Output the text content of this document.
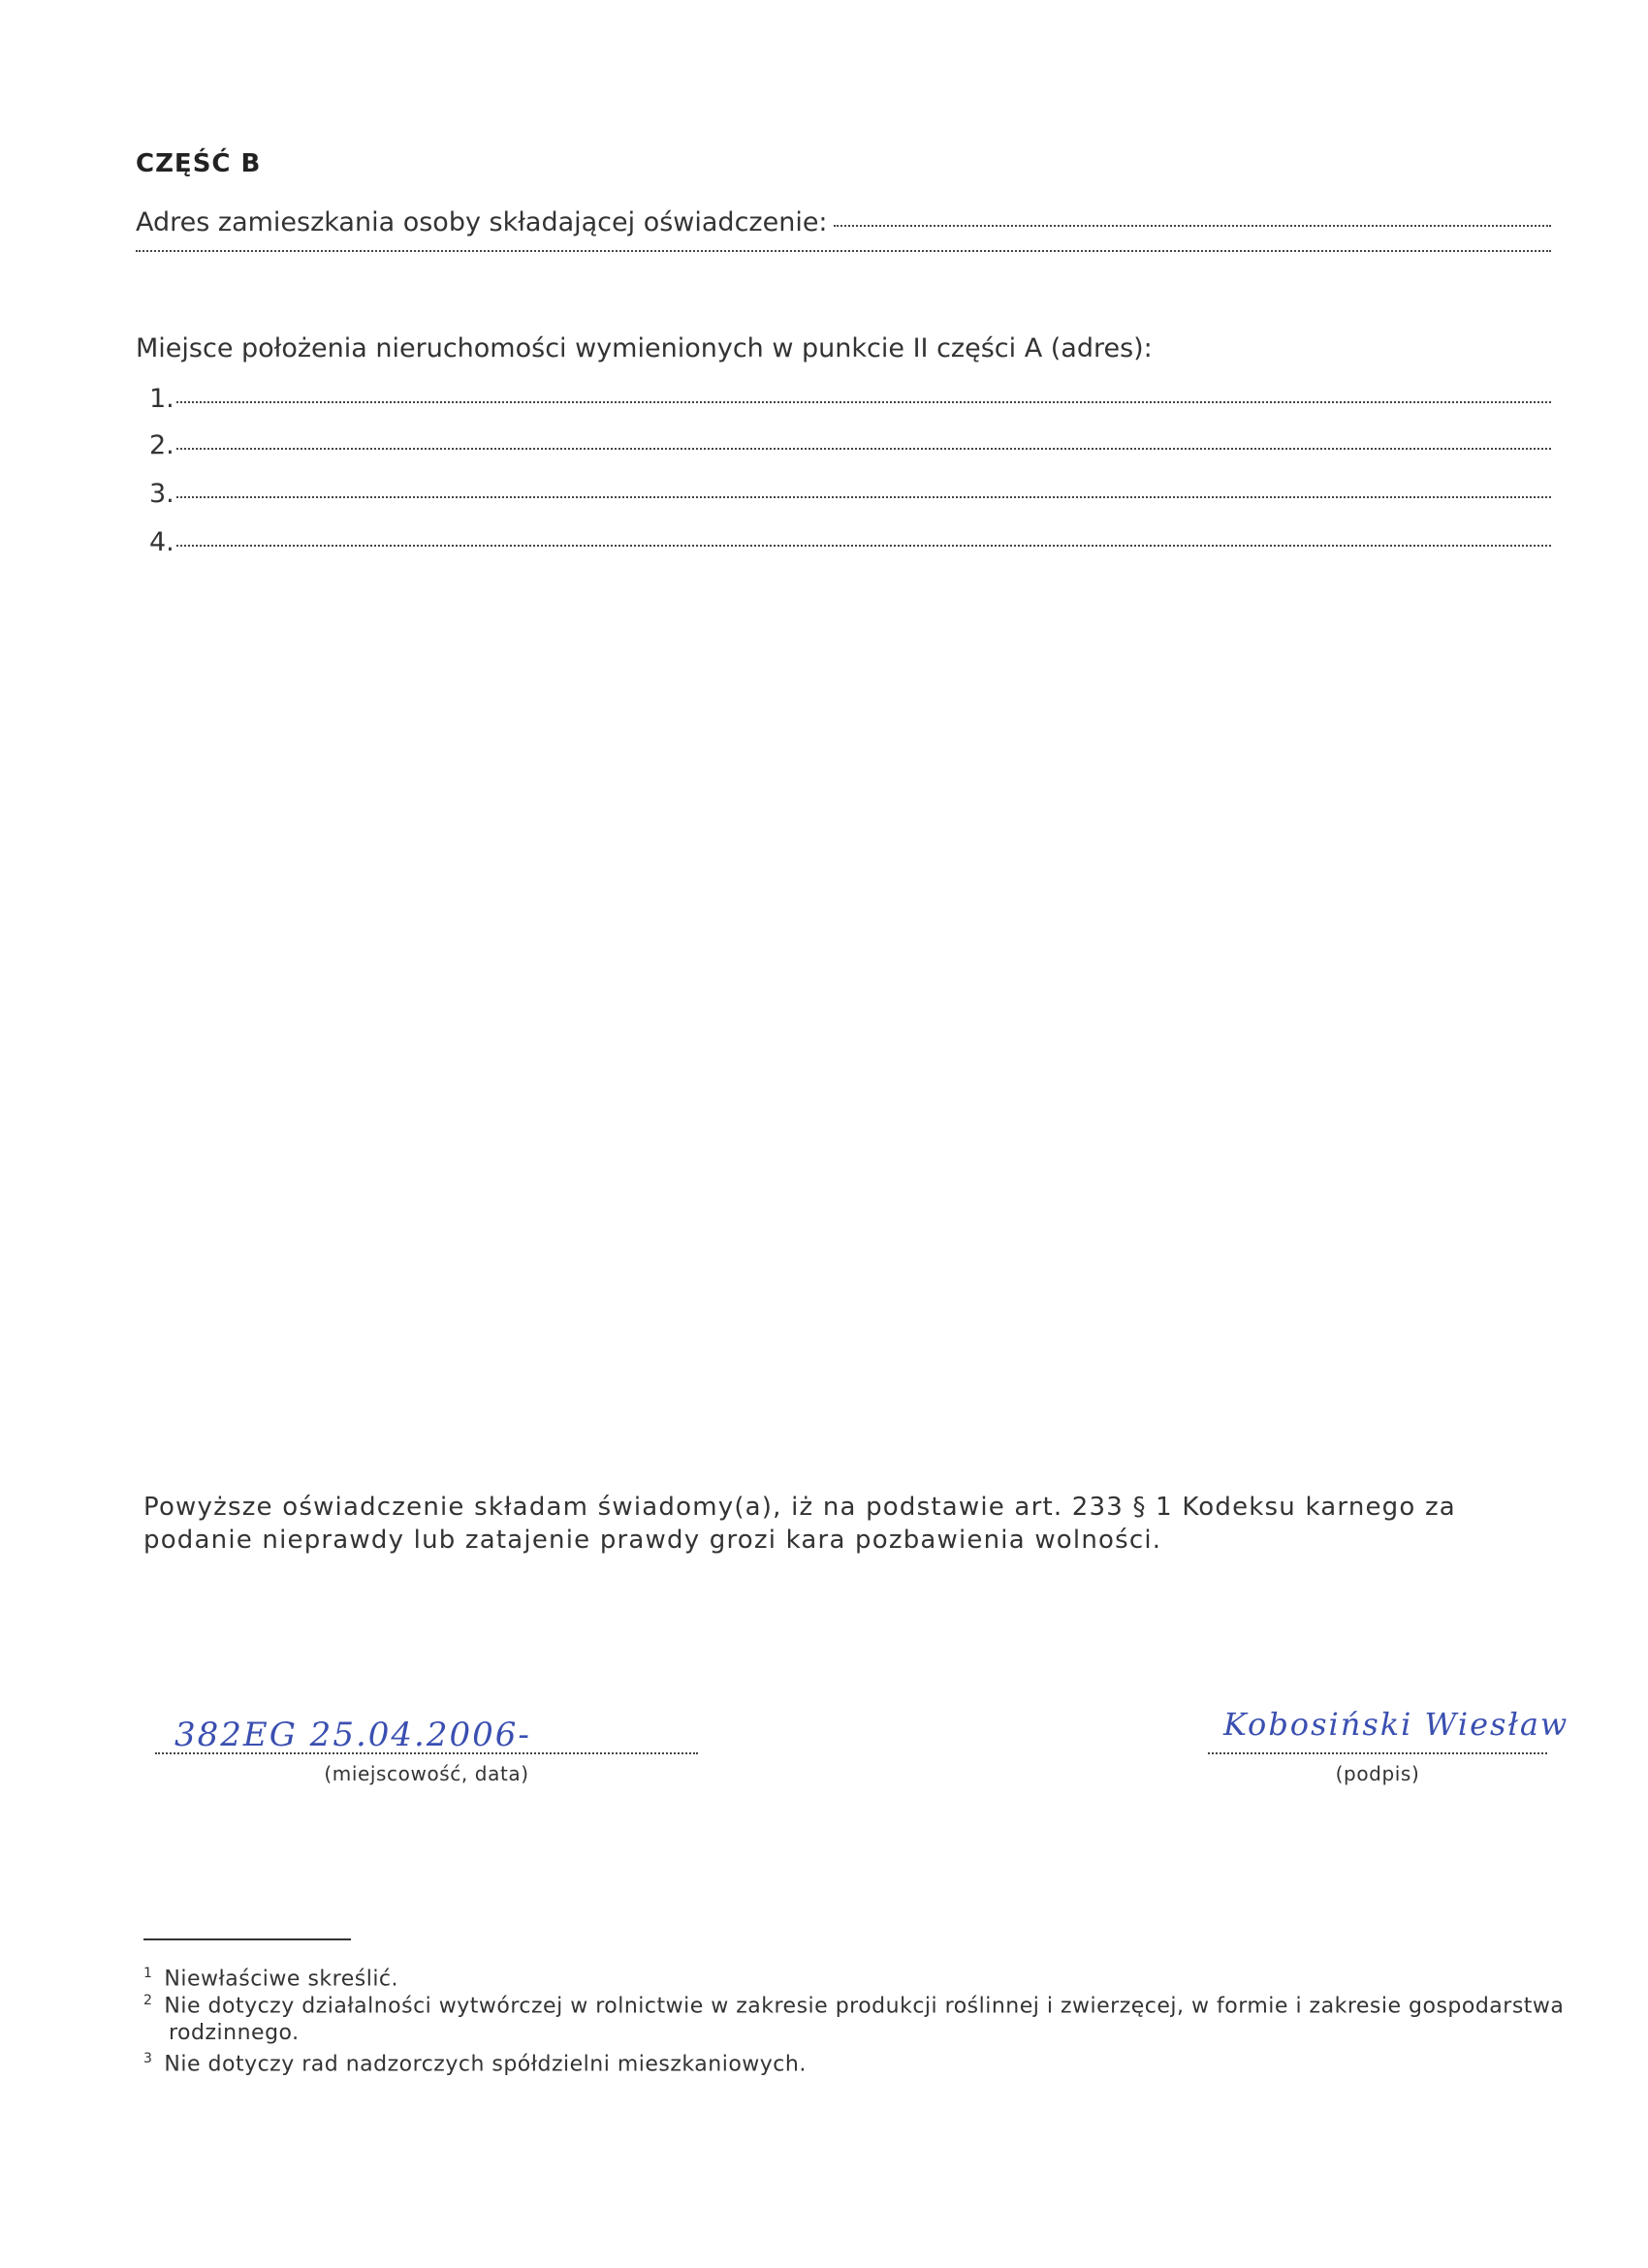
CZĘŚĆ B
Adres zamieszkania osoby składającej oświadczenie:
Miejsce położenia nieruchomości wymienionych w punkcie II części A (adres):
1.
2.
3.
4.
Powyższe oświadczenie składam świadomy(a), iż na podstawie art. 233 § 1 Kodeksu karnego za podanie nieprawdy lub zatajenie prawdy grozi kara pozbawienia wolności.
382EG 25.04.2006-
(miejscowość, data)
Kobosiński Wiesław
(podpis)
$^1$ Niewłaściwe skreślić.
$^2$ Nie dotyczy działalności wytwórczej w rolnictwie w zakresie produkcji roślinnej i zwierzęcej, w formie i zakresie gospodarstwa rodzinnego.
$^3$ Nie dotyczy rad nadzorczych spółdzielni mieszkaniowych.
